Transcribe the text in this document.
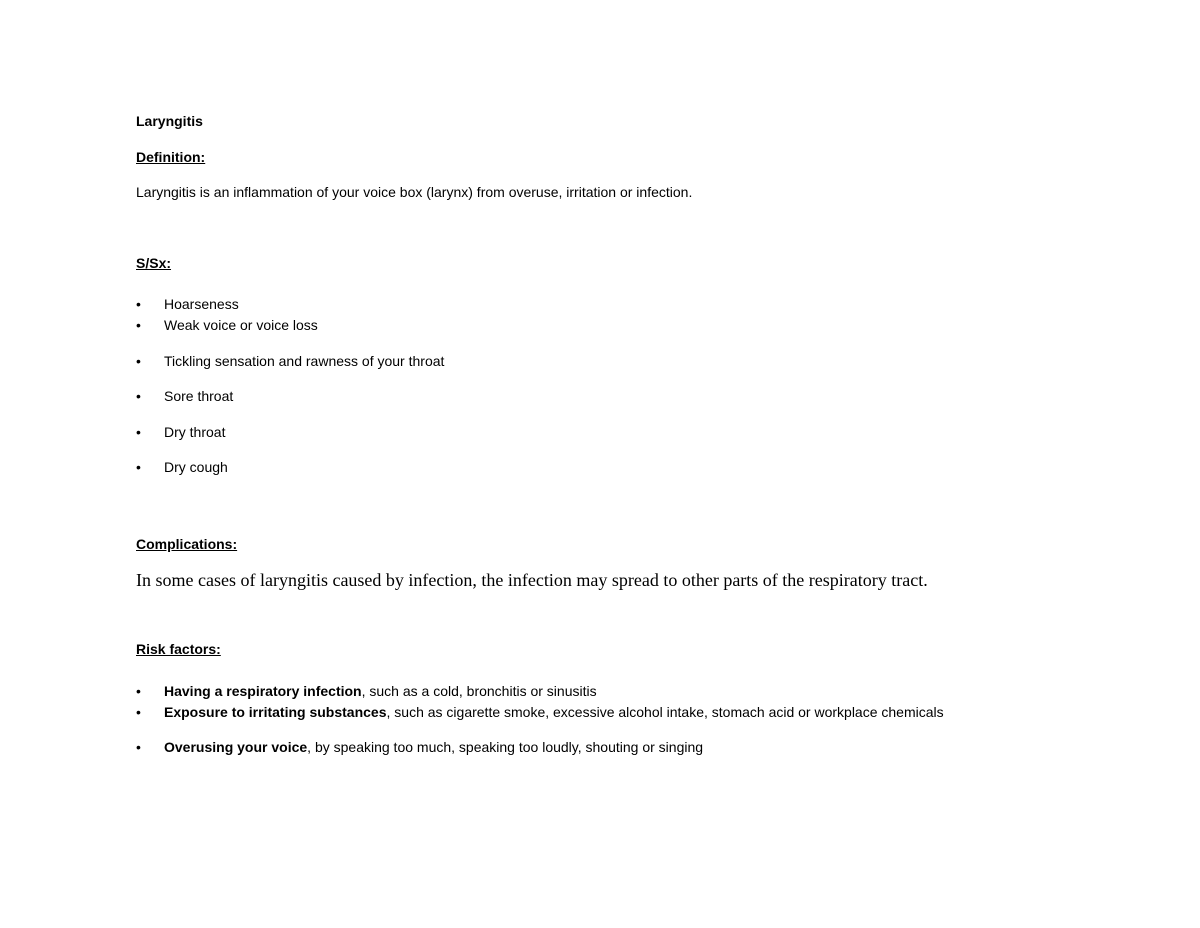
Laryngitis
Definition:
Laryngitis is an inflammation of your voice box (larynx) from overuse, irritation or infection.
S/Sx:
• Hoarseness
• Weak voice or voice loss
• Tickling sensation and rawness of your throat
• Sore throat
• Dry throat
• Dry cough
Complications:
In some cases of laryngitis caused by infection, the infection may spread to other parts of the respiratory tract.
Risk factors:
• Having a respiratory infection, such as a cold, bronchitis or sinusitis
• Exposure to irritating substances, such as cigarette smoke, excessive alcohol intake, stomach acid or workplace chemicals
• Overusing your voice, by speaking too much, speaking too loudly, shouting or singing
